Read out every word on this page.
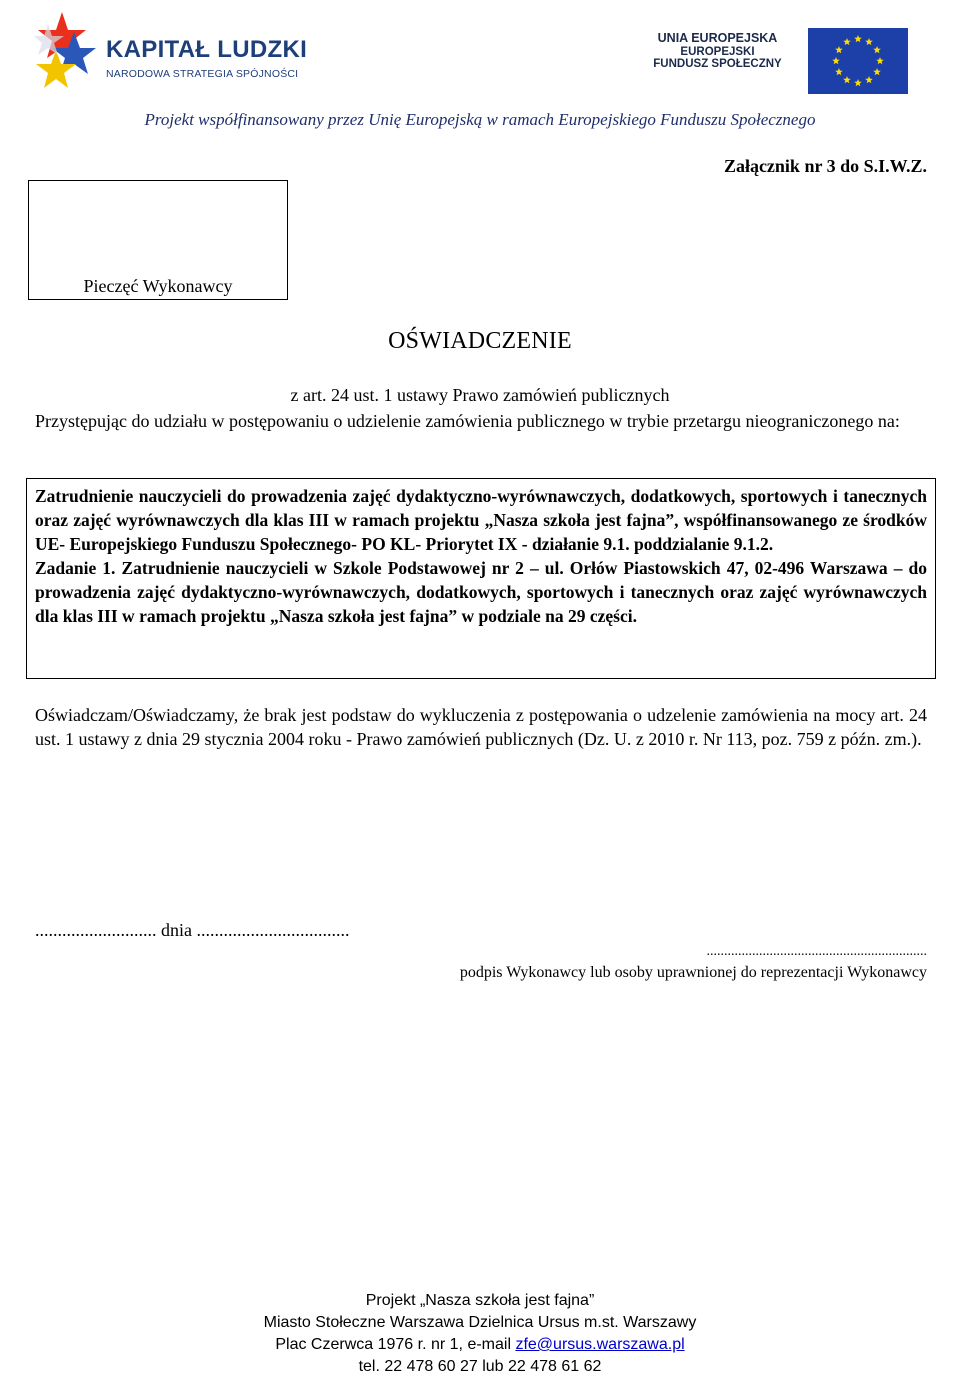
KAPITAŁ LUDZKI
NARODOWA STRATEGIA SPÓJNOŚCI
UNIA EUROPEJSKA
EUROPEJSKI
FUNDUSZ SPOŁECZNY
Projekt współfinansowany przez Unię Europejską w ramach Europejskiego Funduszu Społecznego
Załącznik nr 3 do S.I.W.Z.
Pieczęć Wykonawcy
OŚWIADCZENIE
z art. 24 ust. 1 ustawy Prawo zamówień publicznych
Przystępując do udziału w postępowaniu o udzielenie zamówienia publicznego w trybie przetargu nieograniczonego na:
Zatrudnienie nauczycieli do prowadzenia zajęć dydaktyczno-wyrównawczych, dodatkowych, sportowych i tanecznych oraz zajęć wyrównawczych dla klas III w ramach projektu „Nasza szkoła jest fajna”, współfinansowanego ze środków UE- Europejskiego Funduszu Społecznego- PO KL- Priorytet IX - działanie 9.1. poddzialanie 9.1.2.
Zadanie 1. Zatrudnienie nauczycieli w Szkole Podstawowej nr 2 – ul. Orłów Piastowskich 47, 02-496 Warszawa – do prowadzenia zajęć dydaktyczno-wyrównawczych, dodatkowych, sportowych i tanecznych oraz zajęć wyrównawczych dla klas III w ramach projektu „Nasza szkoła jest fajna” w podziale na 29 części.
Oświadczam/Oświadczamy, że brak jest podstaw do wykluczenia z postępowania o udzelenie zamówienia na mocy art. 24 ust. 1 ustawy z dnia 29 stycznia 2004 roku - Prawo zamówień publicznych (Dz. U. z 2010 r. Nr 113, poz. 759 z późn. zm.).
........................... dnia ..................................
...............................................................
podpis Wykonawcy lub osoby uprawnionej do reprezentacji Wykonawcy
Projekt „Nasza szkoła jest fajna”
Miasto Stołeczne Warszawa Dzielnica Ursus m.st. Warszawy
Plac Czerwca 1976 r. nr 1, e-mail zfe@ursus.warszawa.pl
tel. 22 478 60 27 lub 22 478 61 62
